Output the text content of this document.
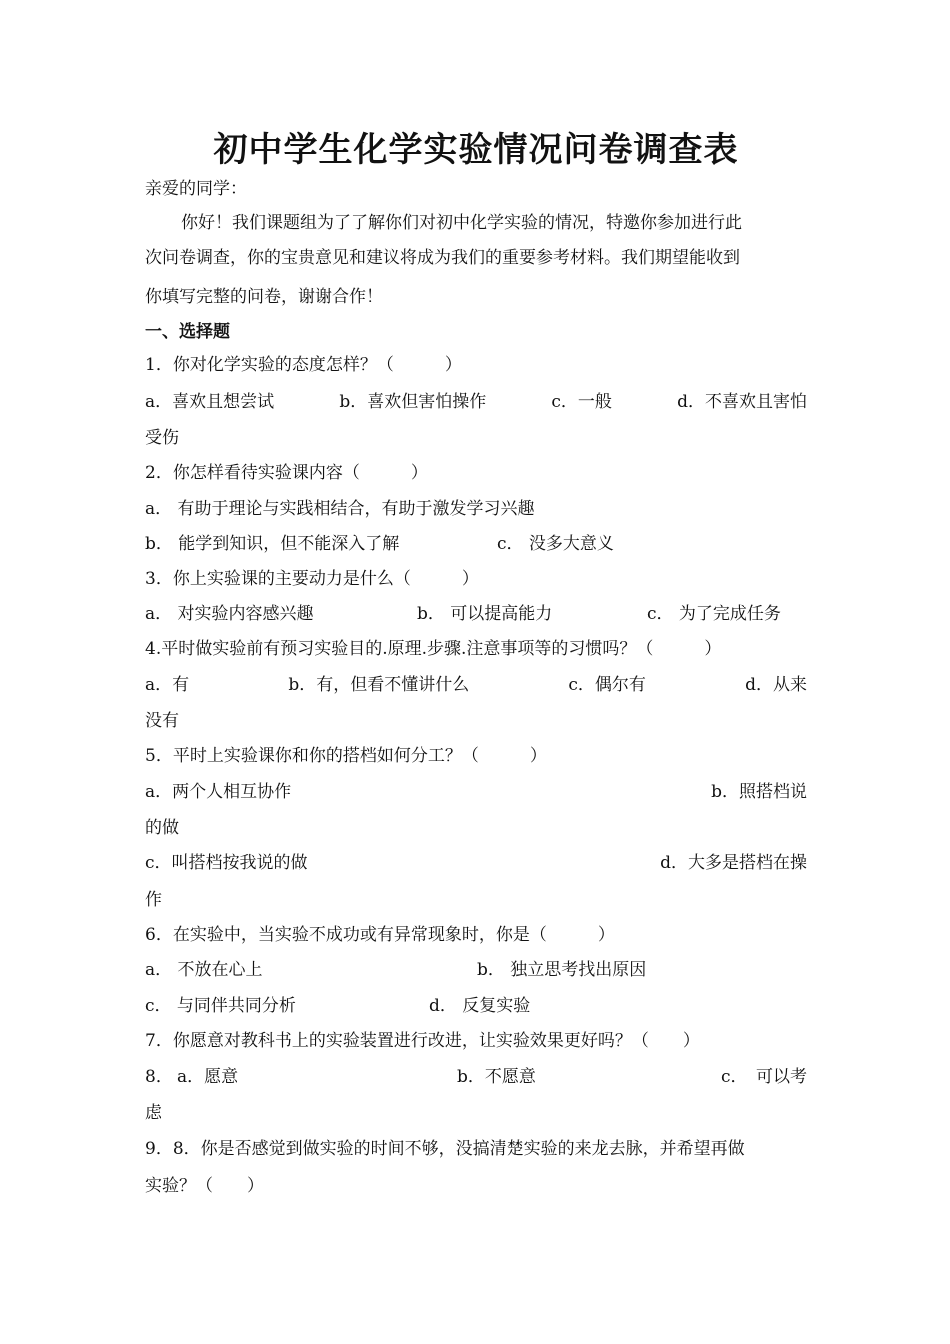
初中学生化学实验情况问卷调查表
亲爱的同学：
你好！我们课题组为了了解你们对初中化学实验的情况，特邀你参加进行此
次问卷调查，你的宝贵意见和建议将成为我们的重要参考材料。我们期望能收到
你填写完整的问卷，谢谢合作！
一、选择题
1．你对化学实验的态度怎样？（　　　）
a．喜欢且想尝试	b．喜欢但害怕操作	c．一般	d．不喜欢且害怕
受伤
2．你怎样看待实验课内容（　　　）
a． 有助于理论与实践相结合，有助于激发学习兴趣
b． 能学到知识，但不能深入了解	c． 没多大意义
3．你上实验课的主要动力是什么（　　　）
a． 对实验内容感兴趣	b． 可以提高能力	c． 为了完成任务
4.平时做实验前有预习实验目的.原理.步骤.注意事项等的习惯吗？（　　　）
a．有	b．有，但看不懂讲什么	c．偶尔有	d．从来
没有
5．平时上实验课你和你的搭档如何分工？（　　　）
a．两个人相互协作	b．照搭档说
的做
c．叫搭档按我说的做	d．大多是搭档在操
作
6．在实验中，当实验不成功或有异常现象时，你是（　　　）
a． 不放在心上	b． 独立思考找出原因
c． 与同伴共同分析	d． 反复实验
7．你愿意对教科书上的实验装置进行改进，让实验效果更好吗？（　　）
8． a．愿意	b．不愿意	c．　可以考
虑
9．8．你是否感觉到做实验的时间不够，没搞清楚实验的来龙去脉，并希望再做
实验？（　　）
